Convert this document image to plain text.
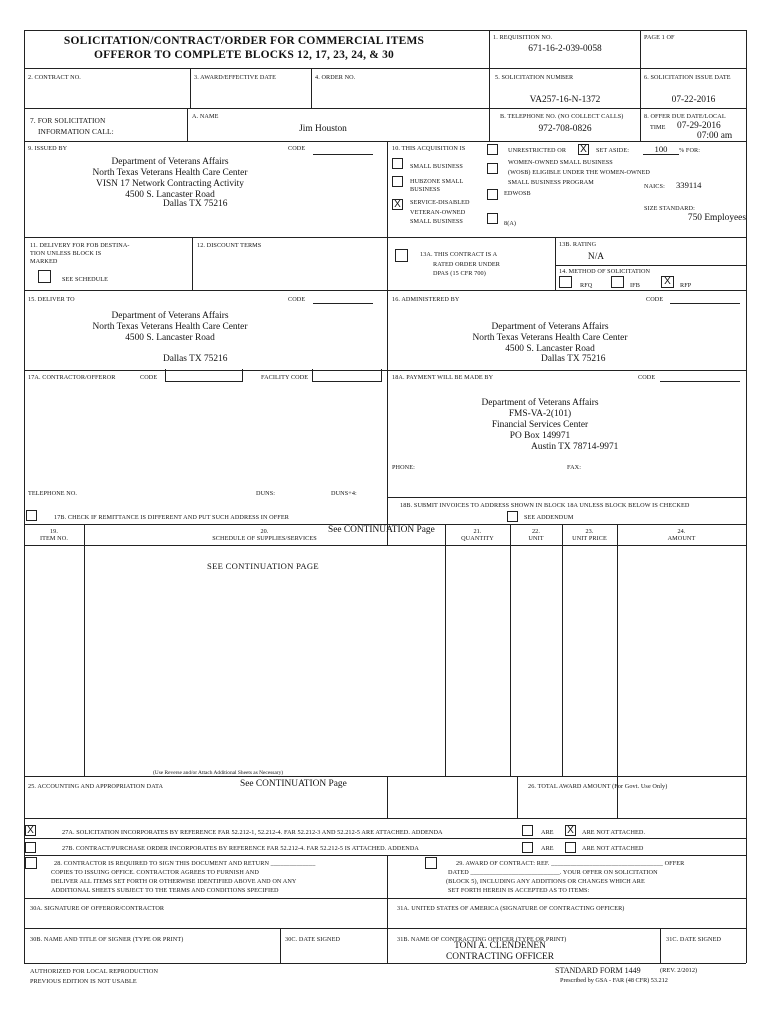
SOLICITATION/CONTRACT/ORDER FOR COMMERCIAL ITEMS
OFFEROR TO COMPLETE BLOCKS 12, 17, 23, 24, & 30
1. REQUISITION NO.
671-16-2-039-0058
PAGE 1 OF
2. CONTRACT NO.	3. AWARD/EFFECTIVE DATE	4. ORDER NO.	5. SOLICITATION NUMBER
VA257-16-N-1372
6. SOLICITATION ISSUE DATE
07-22-2016
7. FOR SOLICITATION
INFORMATION CALL:
A. NAME
Jim Houston
B. TELEPHONE NO. (NO COLLECT CALLS)
972-708-0826
8. OFFER DUE DATE/LOCAL
TIME 07-29-2016
07:00 am
9. ISSUED BY	CODE
Department of Veterans Affairs
North Texas Veterans Health Care Center
VISN 17 Network Contracting Activity
4500 S. Lancaster Road
Dallas TX 75216
10. THIS ACQUISITION IS	UNRESTRICTED OR X	SET ASIDE:	100	% FOR:
SMALL BUSINESS
HUBZONE SMALL
BUSINESS
X	SERVICE-DISABLED
VETERAN-OWNED
SMALL BUSINESS
WOMEN-OWNED SMALL BUSINESS
(WOSB) ELIGIBLE UNDER THE WOMEN-OWNED
SMALL BUSINESS PROGRAM
EDWOSB
8(A)
NAICS: 339114
SIZE STANDARD:
750 Employees
11. DELIVERY FOR FOB DESTINA-
TION UNLESS BLOCK IS
MARKED
SEE SCHEDULE
12. DISCOUNT TERMS
13A. THIS CONTRACT IS A
RATED ORDER UNDER
DPAS (15 CFR 700)
13B. RATING
N/A
14. METHOD OF SOLICITATION
RFQ	IFB	X	RFP
15. DELIVER TO	CODE
Department of Veterans Affairs
North Texas Veterans Health Care Center
4500 S. Lancaster Road
Dallas TX 75216
16. ADMINISTERED BY	CODE
Department of Veterans Affairs
North Texas Veterans Health Care Center
4500 S. Lancaster Road
Dallas TX 75216
17A. CONTRACTOR/OFFEROR	CODE	FACILITY CODE
TELEPHONE NO.	DUNS:	DUNS+4:
17B. CHECK IF REMITTANCE IS DIFFERENT AND PUT SUCH ADDRESS IN OFFER
18A. PAYMENT WILL BE MADE BY	CODE
Department of Veterans Affairs
FMS-VA-2(101)
Financial Services Center
PO Box 149971
Austin TX 78714-9971
PHONE:	FAX:
18B. SUBMIT INVOICES TO ADDRESS SHOWN IN BLOCK 18A UNLESS BLOCK BELOW IS CHECKED
SEE ADDENDUM
19.
ITEM NO.
20.
SCHEDULE OF SUPPLIES/SERVICES
See CONTINUATION Page	21.
QUANTITY
22.
UNIT
23.
UNIT PRICE
24.
AMOUNT
SEE CONTINUATION PAGE
(Use Reverse and/or Attach Additional Sheets as Necessary)
25. ACCOUNTING AND APPROPRIATION DATA	See CONTINUATION Page	26. TOTAL AWARD AMOUNT (For Govt. Use Only)
X	27A. SOLICITATION INCORPORATES BY REFERENCE FAR 52.212-1, 52.212-4. FAR 52.212-3 AND 52.212-5 ARE ATTACHED. ADDENDA	ARE X	ARE NOT ATTACHED.
27B. CONTRACT/PURCHASE ORDER INCORPORATES BY REFERENCE FAR 52.212-4. FAR 52.212-5 IS ATTACHED. ADDENDA	ARE	ARE NOT ATTACHED
28. CONTRACTOR IS REQUIRED TO SIGN THIS DOCUMENT AND RETURN ______________
COPIES TO ISSUING OFFICE. CONTRACTOR AGREES TO FURNISH AND
DELIVER ALL ITEMS SET FORTH OR OTHERWISE IDENTIFIED ABOVE AND ON ANY
ADDITIONAL SHEETS SUBJECT TO THE TERMS AND CONDITIONS SPECIFIED
29. AWARD OF CONTRACT: REF. ___________________________________ OFFER
DATED ____________________________. YOUR OFFER ON SOLICITATION
(BLOCK 5), INCLUDING ANY ADDITIONS OR CHANGES WHICH ARE
SET FORTH HEREIN IS ACCEPTED AS TO ITEMS:
30A. SIGNATURE OF OFFEROR/CONTRACTOR	31A. UNITED STATES OF AMERICA (SIGNATURE OF CONTRACTING OFFICER)
30B. NAME AND TITLE OF SIGNER (TYPE OR PRINT)	30C. DATE SIGNED	31B. NAME OF CONTRACTING OFFICER (TYPE OR PRINT)
TONI A. CLENDENEN
CONTRACTING OFFICER
31C. DATE SIGNED
AUTHORIZED FOR LOCAL REPRODUCTION
PREVIOUS EDITION IS NOT USABLE
STANDARD FORM 1449	(REV. 2/2012)
Prescribed by GSA - FAR (48 CFR) 53.212
